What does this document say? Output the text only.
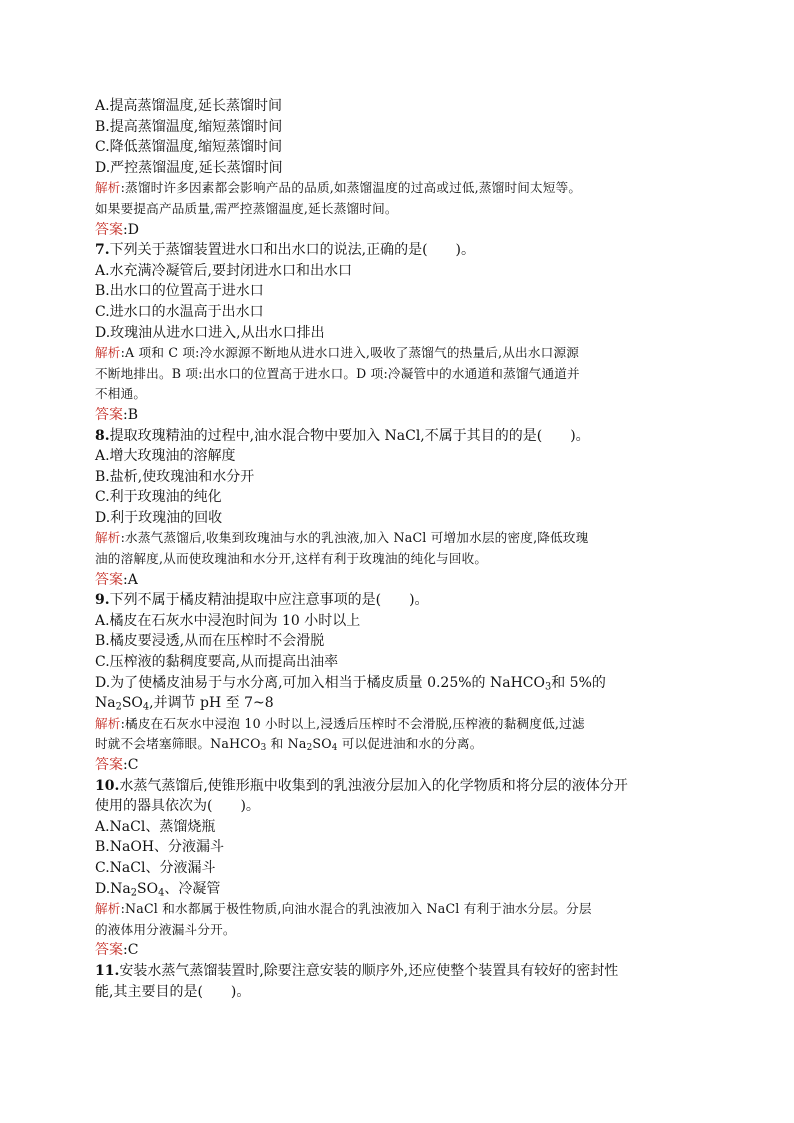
A.提高蒸馏温度,延长蒸馏时间
B.提高蒸馏温度,缩短蒸馏时间
C.降低蒸馏温度,缩短蒸馏时间
D.严控蒸馏温度,延长蒸馏时间
解析:蒸馏时许多因素都会影响产品的品质,如蒸馏温度的过高或过低,蒸馏时间太短等。
如果要提高产品质量,需严控蒸馏温度,延长蒸馏时间。
答案:D
7.下列关于蒸馏装置进水口和出水口的说法,正确的是(　　)。
A.水充满冷凝管后,要封闭进水口和出水口
B.出水口的位置高于进水口
C.进水口的水温高于出水口
D.玫瑰油从进水口进入,从出水口排出
解析:A 项和 C 项:冷水源源不断地从进水口进入,吸收了蒸馏气的热量后,从出水口源源
不断地排出。B 项:出水口的位置高于进水口。D 项:冷凝管中的水通道和蒸馏气通道并
不相通。
答案:B
8.提取玫瑰精油的过程中,油水混合物中要加入 NaCl,不属于其目的的是(　　)。
A.增大玫瑰油的溶解度
B.盐析,使玫瑰油和水分开
C.利于玫瑰油的纯化
D.利于玫瑰油的回收
解析:水蒸气蒸馏后,收集到玫瑰油与水的乳浊液,加入 NaCl 可增加水层的密度,降低玫瑰
油的溶解度,从而使玫瑰油和水分开,这样有利于玫瑰油的纯化与回收。
答案:A
9.下列不属于橘皮精油提取中应注意事项的是(　　)。
A.橘皮在石灰水中浸泡时间为 10 小时以上
B.橘皮要浸透,从而在压榨时不会滑脱
C.压榨液的黏稠度要高,从而提高出油率
D.为了使橘皮油易于与水分离,可加入相当于橘皮质量 0.25%的 NaHCO$_3$和 5%的
$Na_2SO_4$,并调节 pH 至 7~8
解析:橘皮在石灰水中浸泡 10 小时以上,浸透后压榨时不会滑脱,压榨液的黏稠度低,过滤
时就不会堵塞筛眼。NaHCO$_3$ 和 $Na_2SO_4$ 可以促进油和水的分离。
答案:C
10.水蒸气蒸馏后,使锥形瓶中收集到的乳浊液分层加入的化学物质和将分层的液体分开
使用的器具依次为(　　)。
A.NaCl、蒸馏烧瓶
B.NaOH、分液漏斗
C.NaCl、分液漏斗
$D.Na_2SO_4$、冷凝管
解析:NaCl 和水都属于极性物质,向油水混合的乳浊液加入 NaCl 有利于油水分层。分层
的液体用分液漏斗分开。
答案:C
11.安装水蒸气蒸馏装置时,除要注意安装的顺序外,还应使整个装置具有较好的密封性
能,其主要目的是(　　)。
